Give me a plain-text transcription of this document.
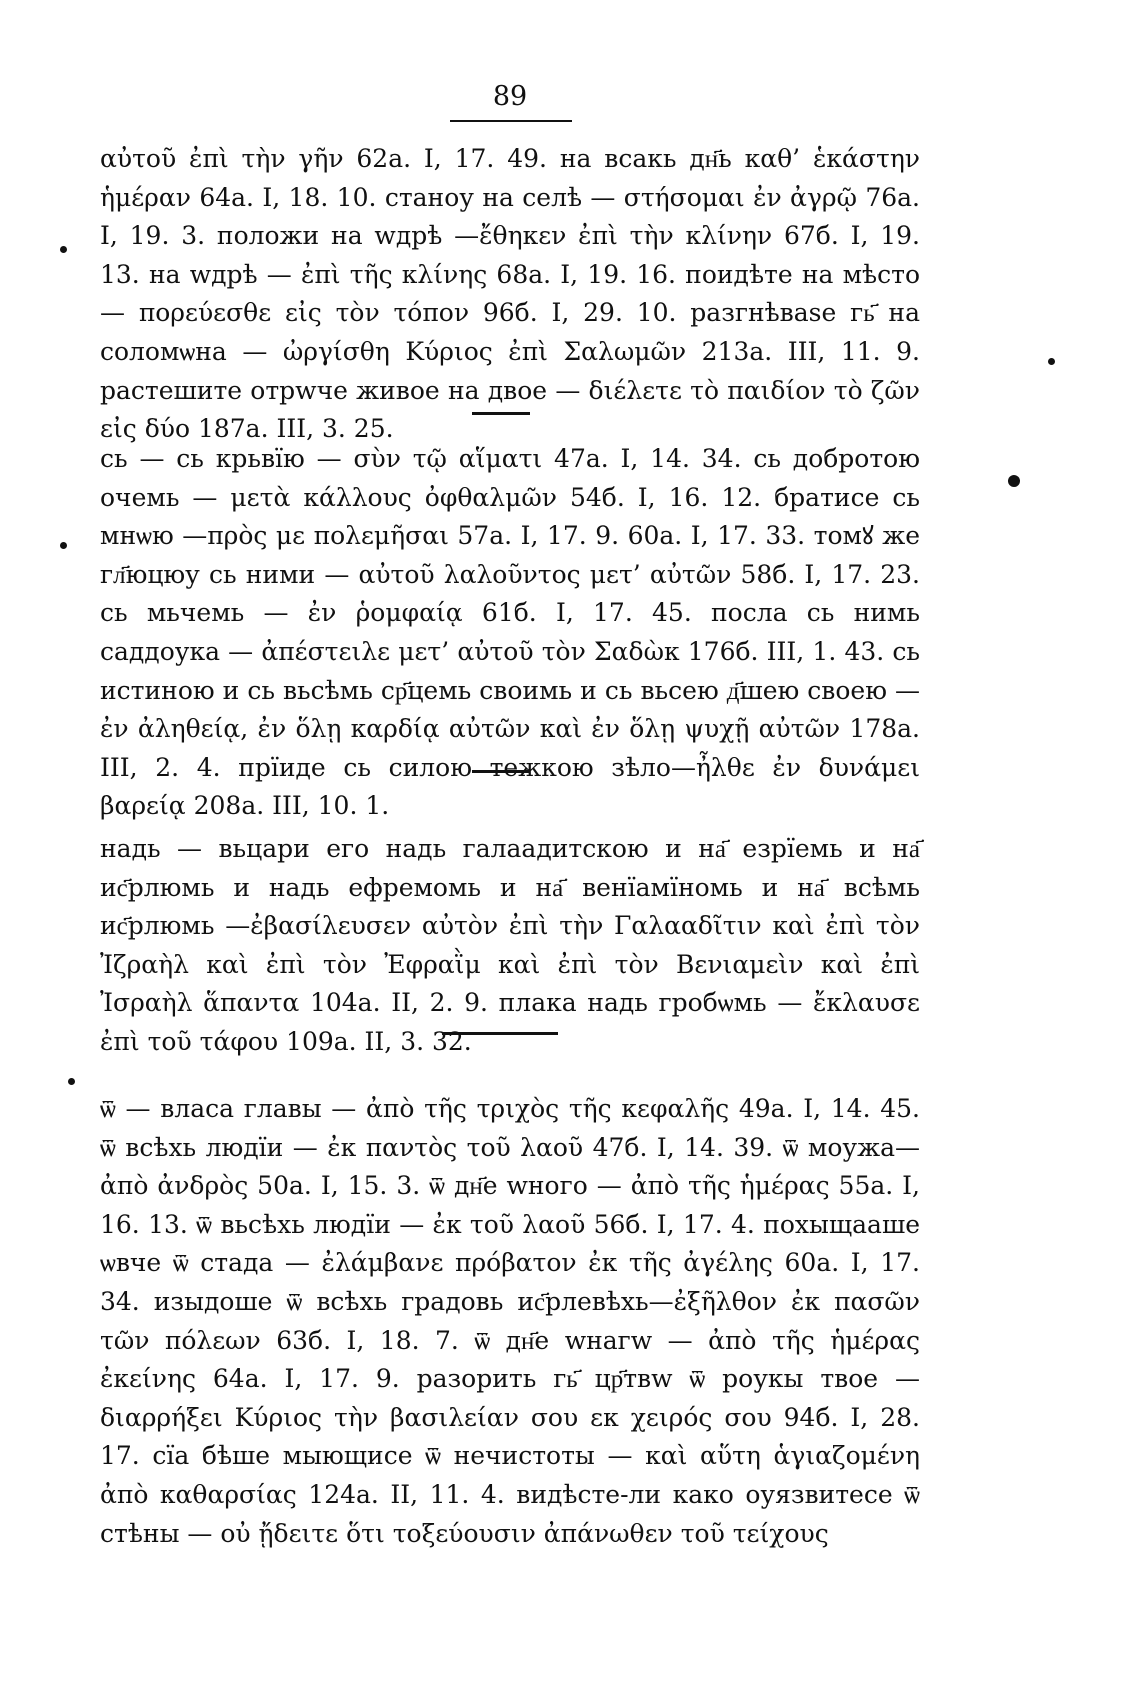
89

αὐτοῦ ἐπὶ τὴν γῆν 62a. I, 17. 49. на всакь дн҃ь καθ’ ἑκάστην ἡμέραν 64a. I, 18. 10. станоу на селѣ — στήσομαι ἐν ἀγρῷ 76a. I, 19. 3. положи на wдрѣ —ἔθηκεν ἐπὶ τὴν κλίνην 67б. I, 19. 13. на wдрѣ — ἐπὶ τῆς κλίνης 68a. I, 19. 16. поидѣте на мѣсто — πορεύεσθε εἰς τὸν τόπον 96б. I, 29. 10. разгнѣваse гь҃ на соломѡна — ὠργίσθη Κύριος ἐπὶ Σαλωμῶν 213a. III, 11. 9. растешите отрwче живое на двое — διέλετε τὸ παιδίον τὸ ζῶν εἰς δύο 187a. III, 3. 25.

сь — сь крьвїю — σὺν τῷ αἵματι 47a. I, 14. 34. сь добротою очемь — μετὰ κάλλους ὀφθαλμῶν 54б. I, 16. 12. братисе сь мнѡю —πρὸς με πολεμῆσαι 57a. I, 17. 9. 60a. I, 17. 33. томꙋ же гл҃юцюу сь ними — αὐτοῦ λαλοῦντος μετ’ αὐτῶν 58б. I, 17. 23. сь мьчемь — ἐν ῥομφαίᾳ 61б. I, 17. 45. посла сь нимь саддоука — ἀπέστειλε μετ’ αὐτοῦ τὸν Σαδὼκ 176б. III, 1. 43. сь истиною и сь вьсѣмь ср҃цемь своимь и сь вьсею д҃шею своею — ἐν ἀληθείᾳ, ἐν ὅλῃ καρδίᾳ αὐτῶν καὶ ἐν ὅλῃ ψυχῇ αὐτῶν 178a. III, 2. 4. прїиде сь силою тежкою зѣло—ἦλθε ἐν δυνάμει βαρείᾳ 208a. III, 10. 1.

надь — вьцари его надь галаадитскою и на҃ езрїемь и на҃ ис҃рлюмь и надь ефремомь и на҃ венїамїномь и на҃ всѣмь ис҃рлюмь —ἐβασίλευσεν αὐτὸν ἐπὶ τὴν Γαλααδῖτιν καὶ ἐπὶ τὸν Ἰζραὴλ καὶ ἐπὶ τὸν Ἐφραῒμ καὶ ἐπὶ τὸν Βενιαμεὶν καὶ ἐπὶ Ἰσραὴλ ἅπαντα 104a. II, 2. 9. плака надь гробѡмь — ἔκλαυσε ἐπὶ τοῦ τάφου 109a. II, 3. 32.

ѿ — власа главы — ἀπὸ τῆς τριχὸς τῆς κεφαλῆς 49a. I, 14. 45. ѿ всѣхь людїи — ἐκ παντὸς τοῦ λαοῦ 47б. I, 14. 39. ѿ моужа— ἀπὸ ἀνδρὸς 50a. I, 15. 3. ѿ дн҃е wного — ἀπὸ τῆς ἡμέρας 55a. I, 16. 13. ѿ вьсѣхь людїи — ἐκ τοῦ λαοῦ 56б. I, 17. 4. поxыщааше ѡвче ѿ стада — ἐλάμβανε πρόβατον ἐκ τῆς ἀγέλης 60a. I, 17. 34. изыдоше ѿ всѣхь градовь ис҃рлевѣхь—ἐξῆλθον ἐκ πασῶν τῶν πόλεων 63б. I, 18. 7. ѿ дн҃е wнагw — ἀπὸ τῆς ἡμέρας ἐκείνης 64a. I, 17. 9. разорить гь҃ цр҃твw ѿ роукы твое — διαρρήξει Κύριος τὴν βασιλείαν σου εκ χειρός σου 94б. I, 28. 17. сїа бѣше мыющисе ѿ нечистоты — καὶ αὕτη ἁγιαζομένη ἀπὸ καθαρσίας 124a. II, 11. 4. видѣсте-ли како оуязвитесе ѿ стѣны — οὐ ᾔδειτε ὅτι τοξεύουσιν ἀπάνωθεν τοῦ τείχους
